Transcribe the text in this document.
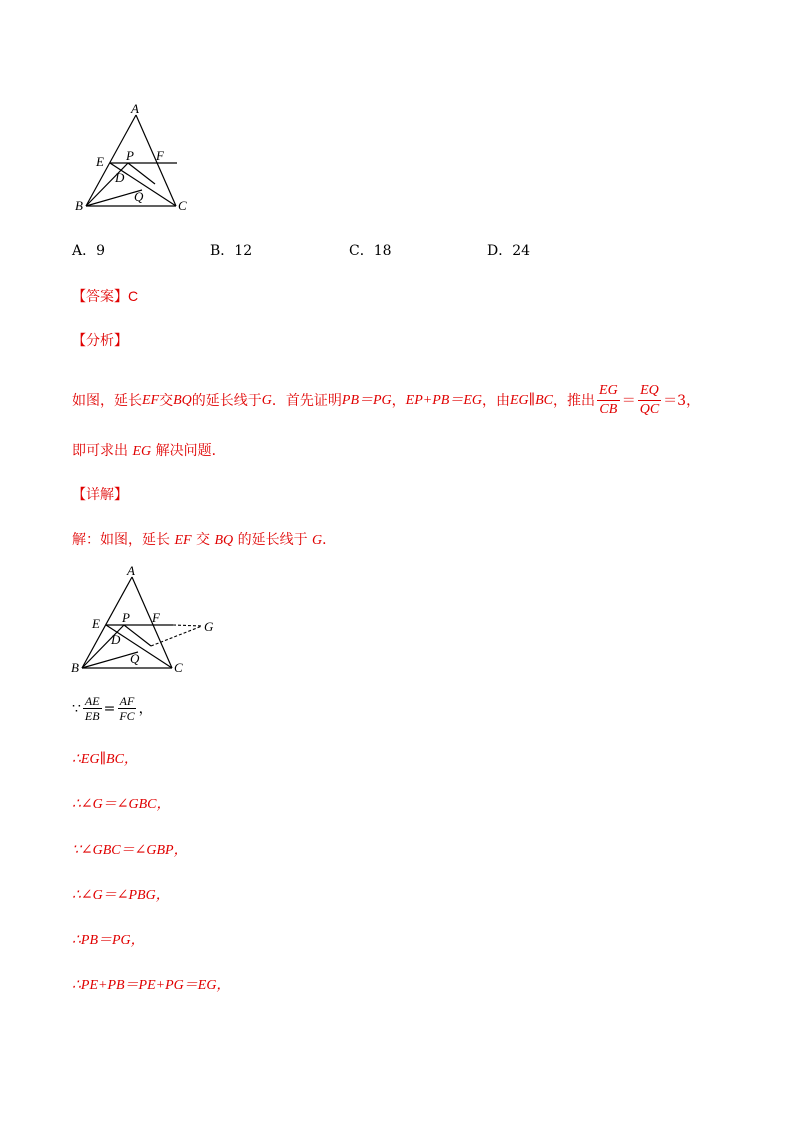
A
E P F
D
Q
B	C
A．9	B．12	C．18	D．24
【答案】C
【分析】
如图，延长 EF 交 BQ 的延长线于 G ．首先证明 PB＝PG ， EP+PB＝EG ，由 EG∥BC ，推出 $\frac{EG}{CB} = \frac{EQ}{QC} =3$，
即可求出 EG 解决问题．
【详解】
解：如图，延长 EF 交 BQ 的延长线于 G．
A
E P F
D
Q
B	C
G
∵ $\frac{AE}{EB} = \frac{AF}{FC}$ ，
∴EG∥BC，
∴∠G＝∠GBC，
∵∠GBC＝∠GBP，
∴∠G＝∠PBG，
∴PB＝PG，
∴PE+PB＝PE+PG＝EG，
